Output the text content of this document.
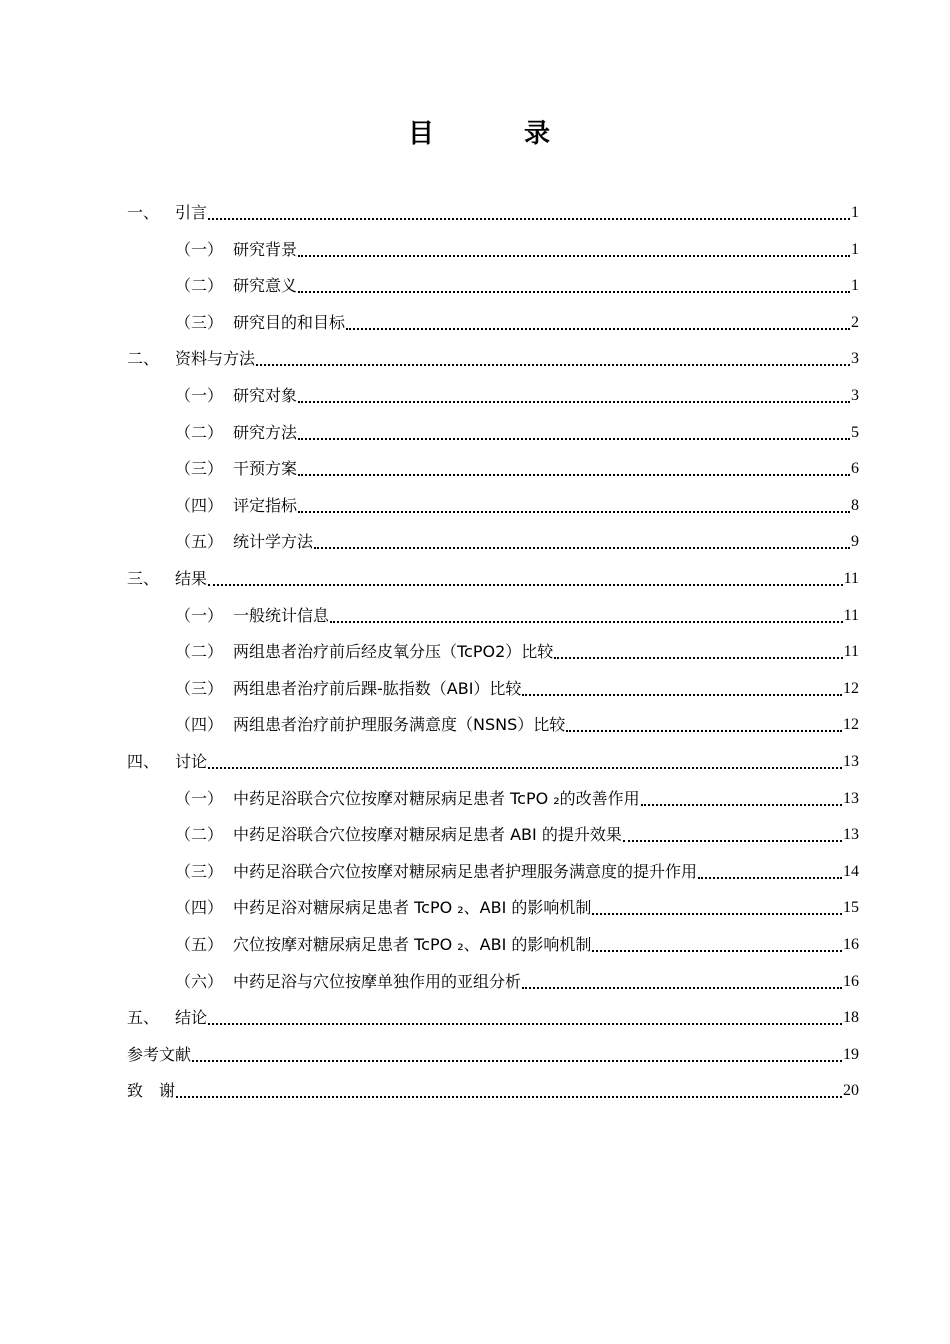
目　录
一、 引言	1
（一） 研究背景	1
（二） 研究意义	1
（三） 研究目的和目标	2
二、 资料与方法	3
（一） 研究对象	3
（二） 研究方法	5
（三） 干预方案	6
（四） 评定指标	8
（五） 统计学方法	9
三、 结果	11
（一） 一般统计信息	11
（二） 两组患者治疗前后经皮氧分压（TcPO2）比较	11
（三） 两组患者治疗前后踝-肱指数（ABI）比较	12
（四） 两组患者治疗前护理服务满意度（NSNS）比较	12
四、 讨论	13
（一） 中药足浴联合穴位按摩对糖尿病足患者 TcPO ₂的改善作用	13
（二） 中药足浴联合穴位按摩对糖尿病足患者 ABI 的提升效果	13
（三） 中药足浴联合穴位按摩对糖尿病足患者护理服务满意度的提升作用	14
（四） 中药足浴对糖尿病足患者 TcPO ₂、ABI 的影响机制	15
（五） 穴位按摩对糖尿病足患者 TcPO ₂、ABI 的影响机制	16
（六） 中药足浴与穴位按摩单独作用的亚组分析	16
五、 结论	18
参考文献	19
致　谢	20
